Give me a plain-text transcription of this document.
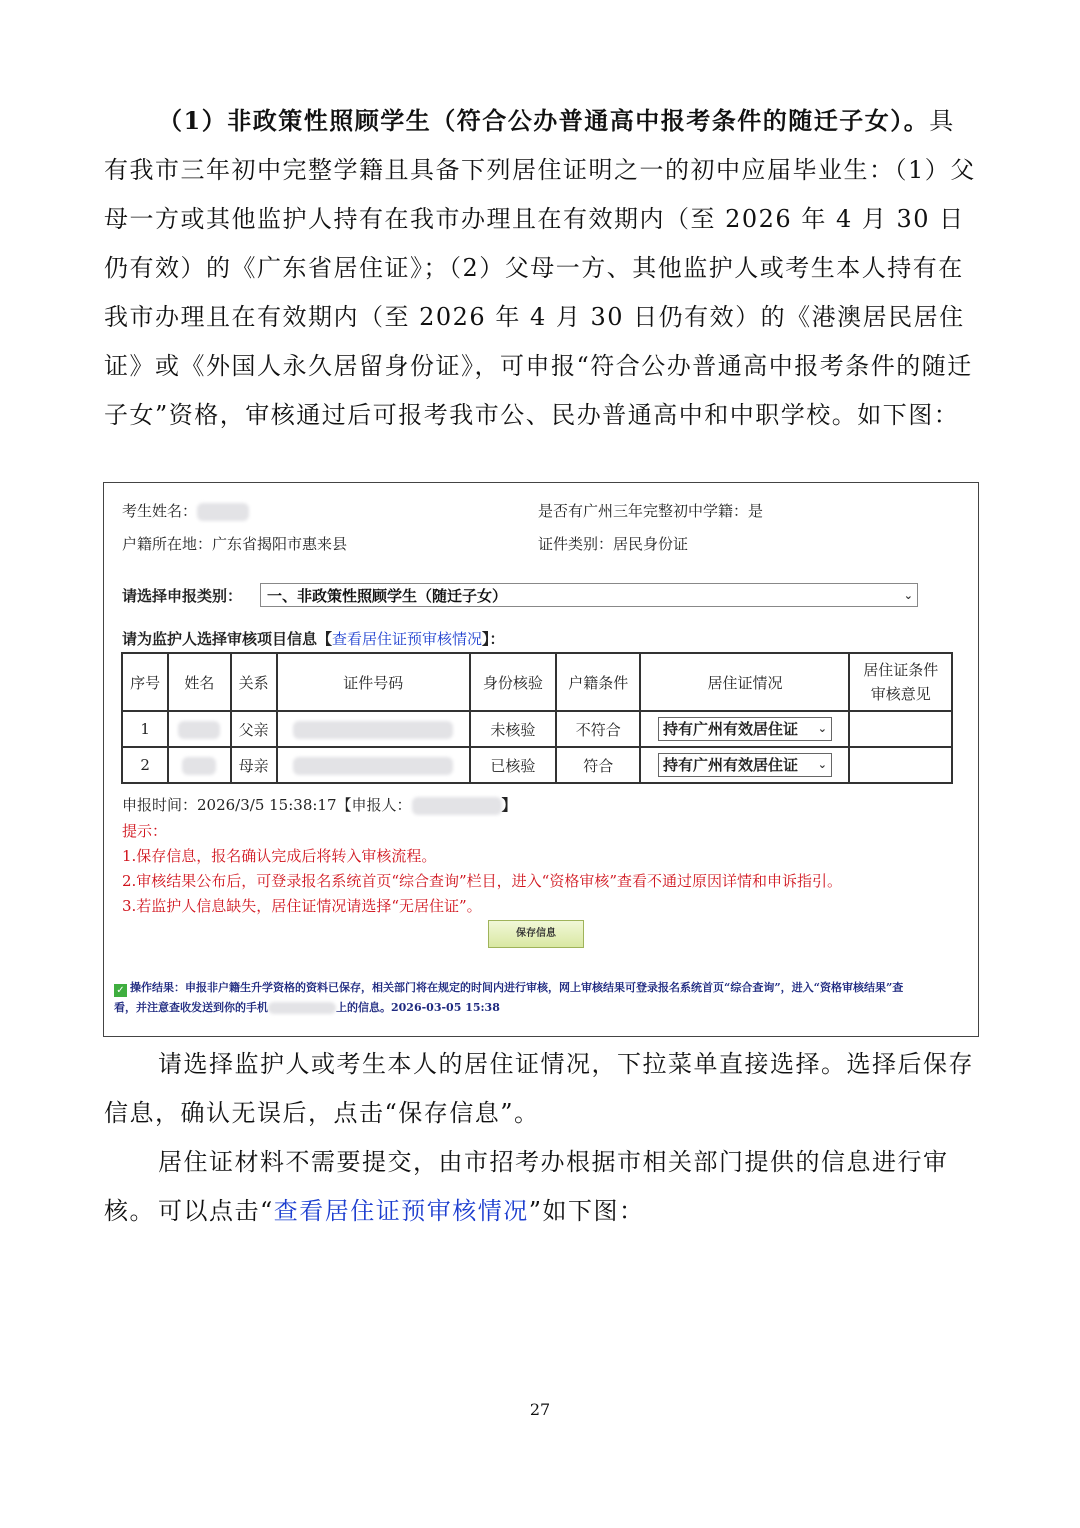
（1）非政策性照顾学生（符合公办普通高中报考条件的随迁子女）。具有我市三年初中完整学籍且具备下列居住证明之一的初中应届毕业生：（1）父母一方或其他监护人持有在我市办理且在有效期内（至 2026 年 4 月 30 日仍有效）的《广东省居住证》；（2）父母一方、其他监护人或考生本人持有在我市办理且在有效期内（至 2026 年 4 月 30 日仍有效）的《港澳居民居住证》或《外国人永久居留身份证》，可申报“符合公办普通高中报考条件的随迁子女”资格，审核通过后可报考我市公、民办普通高中和中职学校。如下图：

考生姓名：	是否有广州三年完整初中学籍：是
户籍所在地：广东省揭阳市惠来县	证件类别：居民身份证
请选择申报类别：	一、非政策性照顾学生（随迁子女）	⌄
请为监护人选择审核项目信息【查看居住证预审核情况】：
序号	姓名	关系	证件号码	身份核验	户籍条件	居住证情况	居住证条件审核意见
1		父亲		未核验	不符合	持有广州有效居住证 ⌄	

2		母亲		已核验	符合	持有广州有效居住证 ⌄	

申报时间：2026/3/5 15:38:17【申报人：	】
提示：
1.保存信息，报名确认完成后将转入审核流程。
2.审核结果公布后，可登录报名系统首页“综合查询”栏目，进入“资格审核”查看不通过原因详情和申诉指引。
3.若监护人信息缺失，居住证情况请选择“无居住证”。
保存信息
✓ 操作结果：申报非户籍生升学资格的资料已保存，相关部门将在规定的时间内进行审核，网上审核结果可登录报名系统首页“综合查询”，进入“资格审核结果”查
看，并注意查收发送到你的手机	上的信息。2026-03-05 15:38

请选择监护人或考生本人的居住证情况，下拉菜单直接选择。选择后保存信息，确认无误后，点击“保存信息”。

居住证材料不需要提交，由市招考办根据市相关部门提供的信息进行审核。 可以点击“查看居住证预审核情况”如下图：

27
